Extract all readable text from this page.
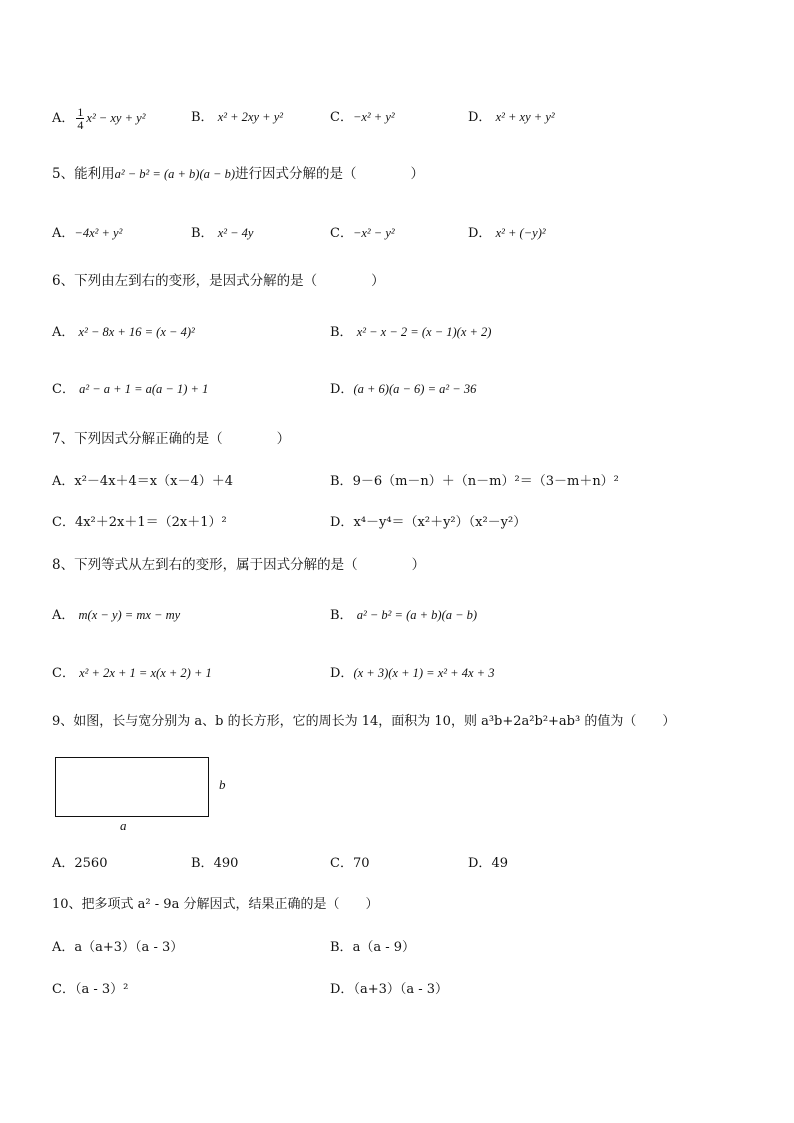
A． $\frac{1}{4} x^2$ − xy + y²	B． x² + 2xy + y²	C．−x² + y²	D． x² + xy + y²
5、能利用a² − b² = (a + b)(a − b)进行因式分解的是（　　　　）
A．−4x² + y²	B． x² − 4y	C．−x² − y²	D． x² + (−y)²
6、下列由左到右的变形，是因式分解的是（　　　　）
A． x² − 8x + 16 = (x − 4)²	B． x² − x − 2 = (x − 1)(x + 2)
C． a² − a + 1 = a(a − 1) + 1	D．(a + 6)(a − 6) = a² − 36
7、下列因式分解正确的是（　　　　）
A．x²－4x＋4＝x（x－4）＋4	B．9－6（m－n）＋（n－m）²＝（3－m＋n）²
C．4x²＋2x＋1＝（2x＋1）²	D．x⁴－y⁴＝（x²＋y²）（x²－y²）
8、下列等式从左到右的变形，属于因式分解的是（　　　　）
A． m(x − y) = mx − my	B． a² − b² = (a + b)(a − b)
C． x² + 2x + 1 = x(x + 2) + 1	D．(x + 3)(x + 1) = x² + 4x + 3
9、如图，长与宽分别为 a、b 的长方形，它的周长为 14，面积为 10，则 a³b+2a²b²+ab³ 的值为（　　）
b
a
A．2560	B．490	C．70	D．49
10、把多项式 a² - 9a 分解因式，结果正确的是（　　）
A．a（a+3）（a - 3）	B．a（a - 9）
C．（a - 3）²	D．（a+3）（a - 3）
